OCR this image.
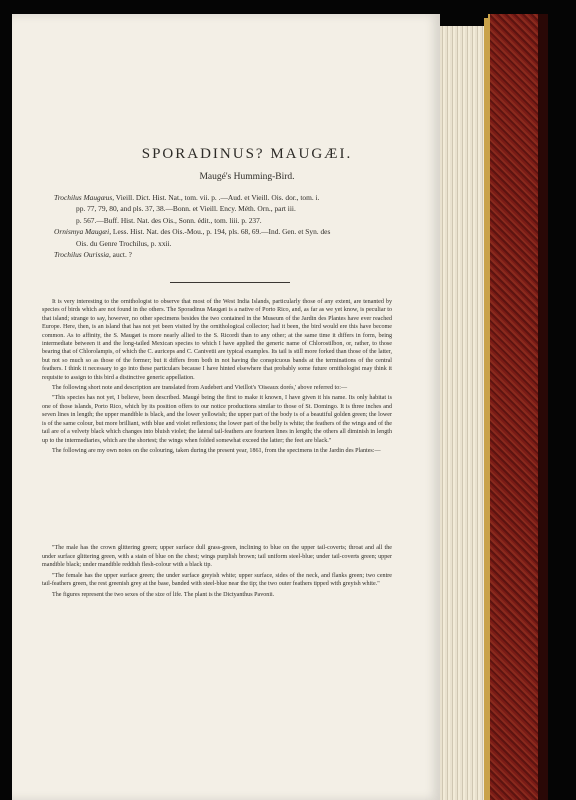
SPORADINUS? MAUGÆI.
Maugé's Humming-Bird.
Trochilus Maugæus, Vieill. Dict. Hist. Nat., tom. vii. p. .—Aud. et Vieill. Ois. dor., tom. i.
pp. 77, 79, 80, and pls. 37, 38.—Bonn. et Vieill. Ency. Méth. Orn., part iii.
p. 567.—Buff. Hist. Nat. des Ois., Sonn. édit., tom. liii. p. 237.
Ornismya Maugæi, Less. Hist. Nat. des Ois.-Mou., p. 194, pls. 68, 69.—Ind. Gen. et Syn. des
Ois. du Genre Trochilus, p. xxii.
Trochilus Ourissia, auct. ?

It is very interesting to the ornithologist to observe that most of the West India Islands, particularly those of any extent, are tenanted by species of birds which are not found in the others. The Sporadinus Maugæi is a native of Porto Rico, and, as far as we yet know, is peculiar to that island; strange to say, however, no other specimens besides the two contained in the Museum of the Jardin des Plantes have ever reached Europe. Here, then, is an island that has not yet been visited by the ornithological collector; had it been, the bird would ere this have become common. As to affinity, the S. Maugæi is more nearly allied to the S. Ricordi than to any other; at the same time it differs in form, being intermediate between it and the long-tailed Mexican species to which I have applied the generic name of Chlorostilbon, or, rather, to those bearing that of Chlorolampis, of which the C. auriceps and C. Canivetii are typical examples. Its tail is still more forked than those of the latter, but not so much so as those of the former; but it differs from both in not having the conspicuous bands at the terminations of the central feathers. I think it necessary to go into these particulars because I have hinted elsewhere that probably some future ornithologist may think it requisite to assign to this bird a distinctive generic appellation.

The following short note and description are translated from Audebert and Vieillot's 'Oiseaux dorés,' above referred to:—

"This species has not yet, I believe, been described. Maugé being the first to make it known, I have given it his name. Its only habitat is one of those islands, Porto Rico, which by its position offers to our notice productions similar to those of St. Domingo. It is three inches and seven lines in length; the upper mandible is black, and the lower yellowish; the upper part of the body is of a beautiful golden green; the lower is of the same colour, but more brilliant, with blue and violet reflexions; the lower part of the belly is white; the feathers of the wings and of the tail are of a velvety black which changes into bluish violet; the lateral tail-feathers are fourteen lines in length; the others all diminish in length up to the intermediaries, which are the shortest; the wings when folded somewhat exceed the latter; the feet are black."

The following are my own notes on the colouring, taken during the present year, 1861, from the specimens in the Jardin des Plantes:—

"The male has the crown glittering green; upper surface dull grass-green, inclining to blue on the upper tail-coverts; throat and all the under surface glittering green, with a stain of blue on the chest; wings purplish brown; tail uniform steel-blue; under tail-coverts green; upper mandible black; under mandible reddish flesh-colour with a black tip.

"The female has the upper surface green; the under surface greyish white; upper surface, sides of the neck, and flanks green; two centre tail-feathers green, the rest greenish grey at the base, banded with steel-blue near the tip; the two outer feathers tipped with greyish white."

The figures represent the two sexes of the size of life. The plant is the Dictyanthus Pavonii.
